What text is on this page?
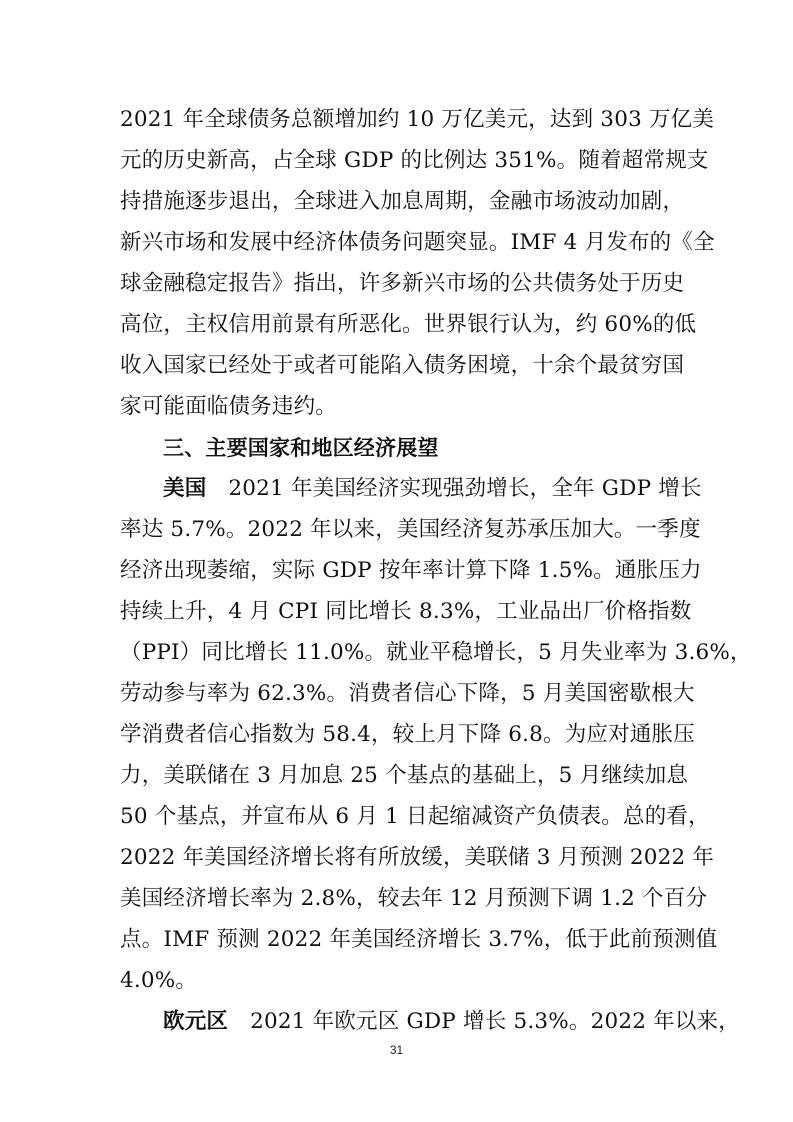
2021 年全球债务总额增加约 10 万亿美元，达到 303 万亿美
元的历史新高，占全球 GDP 的比例达 351%。随着超常规支
持措施逐步退出，全球进入加息周期，金融市场波动加剧，
新兴市场和发展中经济体债务问题突显。IMF 4 月发布的《全
球金融稳定报告》指出，许多新兴市场的公共债务处于历史
高位，主权信用前景有所恶化。世界银行认为，约 60%的低
收入国家已经处于或者可能陷入债务困境，十余个最贫穷国
家可能面临债务违约。
三、主要国家和地区经济展望
美国 2021 年美国经济实现强劲增长，全年 GDP 增长
率达 5.7%。2022 年以来，美国经济复苏承压加大。一季度
经济出现萎缩，实际 GDP 按年率计算下降 1.5%。通胀压力
持续上升，4 月 CPI 同比增长 8.3%，工业品出厂价格指数
（PPI）同比增长 11.0%。就业平稳增长，5 月失业率为 3.6%，
劳动参与率为 62.3%。消费者信心下降，5 月美国密歇根大
学消费者信心指数为 58.4，较上月下降 6.8。为应对通胀压
力，美联储在 3 月加息 25 个基点的基础上，5 月继续加息
50 个基点，并宣布从 6 月 1 日起缩减资产负债表。总的看，
2022 年美国经济增长将有所放缓，美联储 3 月预测 2022 年
美国经济增长率为 2.8%，较去年 12 月预测下调 1.2 个百分
点。IMF 预测 2022 年美国经济增长 3.7%，低于此前预测值
4.0%。
欧元区 2021 年欧元区 GDP 增长 5.3%。2022 年以来，
31
